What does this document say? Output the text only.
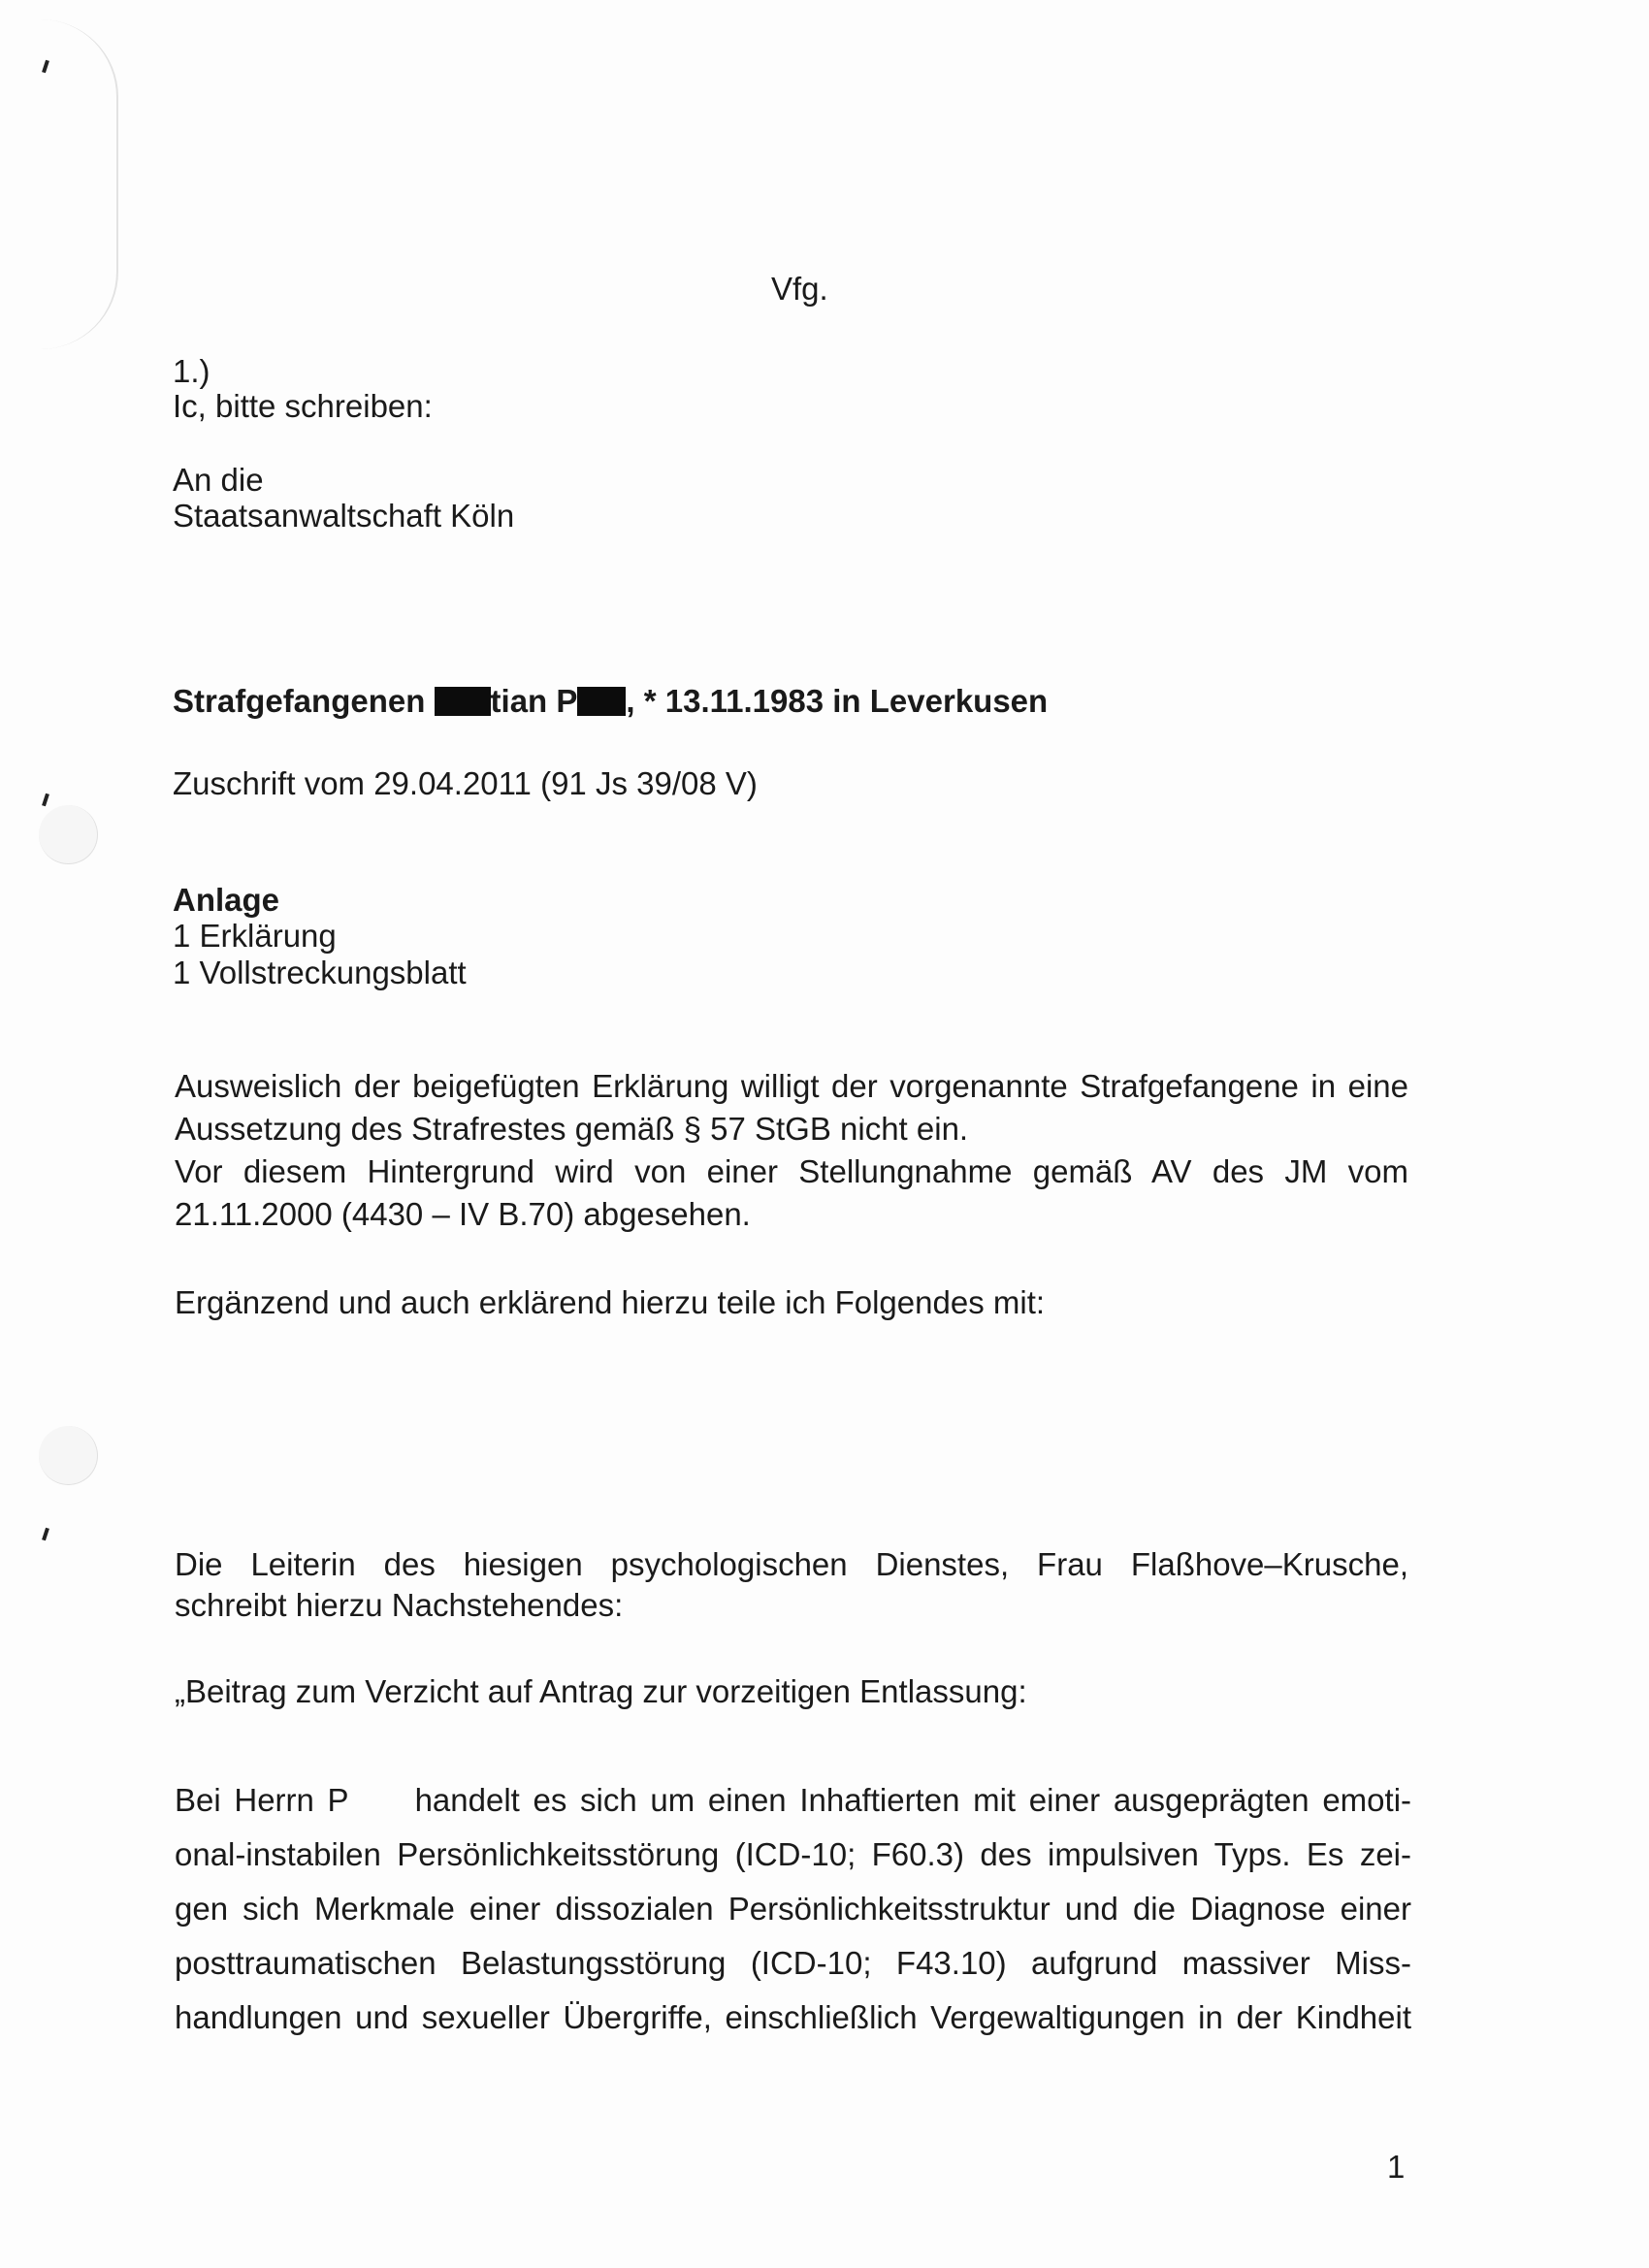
Vfg.
1.)
Ic, bitte schreiben:
An die
Staatsanwaltschaft Köln
Strafgefangenen tian P , * 13.11.1983 in Leverkusen
Zuschrift vom 29.04.2011 (91 Js 39/08 V)
Anlage
1 Erklärung
1 Vollstreckungsblatt
Ausweislich der beigefügten Erklärung willigt der vorgenannte Strafgefangene in eine
Aussetzung des Strafrestes gemäß § 57 StGB nicht ein.
Vor diesem Hintergrund wird von einer Stellungnahme gemäß AV des JM vom
21.11.2000 (4430 – IV B.70) abgesehen.
Ergänzend und auch erklärend hierzu teile ich Folgendes mit:
Die Leiterin des hiesigen psychologischen Dienstes, Frau Flaßhove–Krusche,
schreibt hierzu Nachstehendes:
„Beitrag zum Verzicht auf Antrag zur vorzeitigen Entlassung:
Bei Herrn P handelt es sich um einen Inhaftierten mit einer ausgeprägten emoti-
onal-instabilen Persönlichkeitsstörung (ICD-10; F60.3) des impulsiven Typs. Es zei-
gen sich Merkmale einer dissozialen Persönlichkeitsstruktur und die Diagnose einer
posttraumatischen Belastungsstörung (ICD-10; F43.10) aufgrund massiver Miss-
handlungen und sexueller Übergriffe, einschließlich Vergewaltigungen in der Kindheit
1
